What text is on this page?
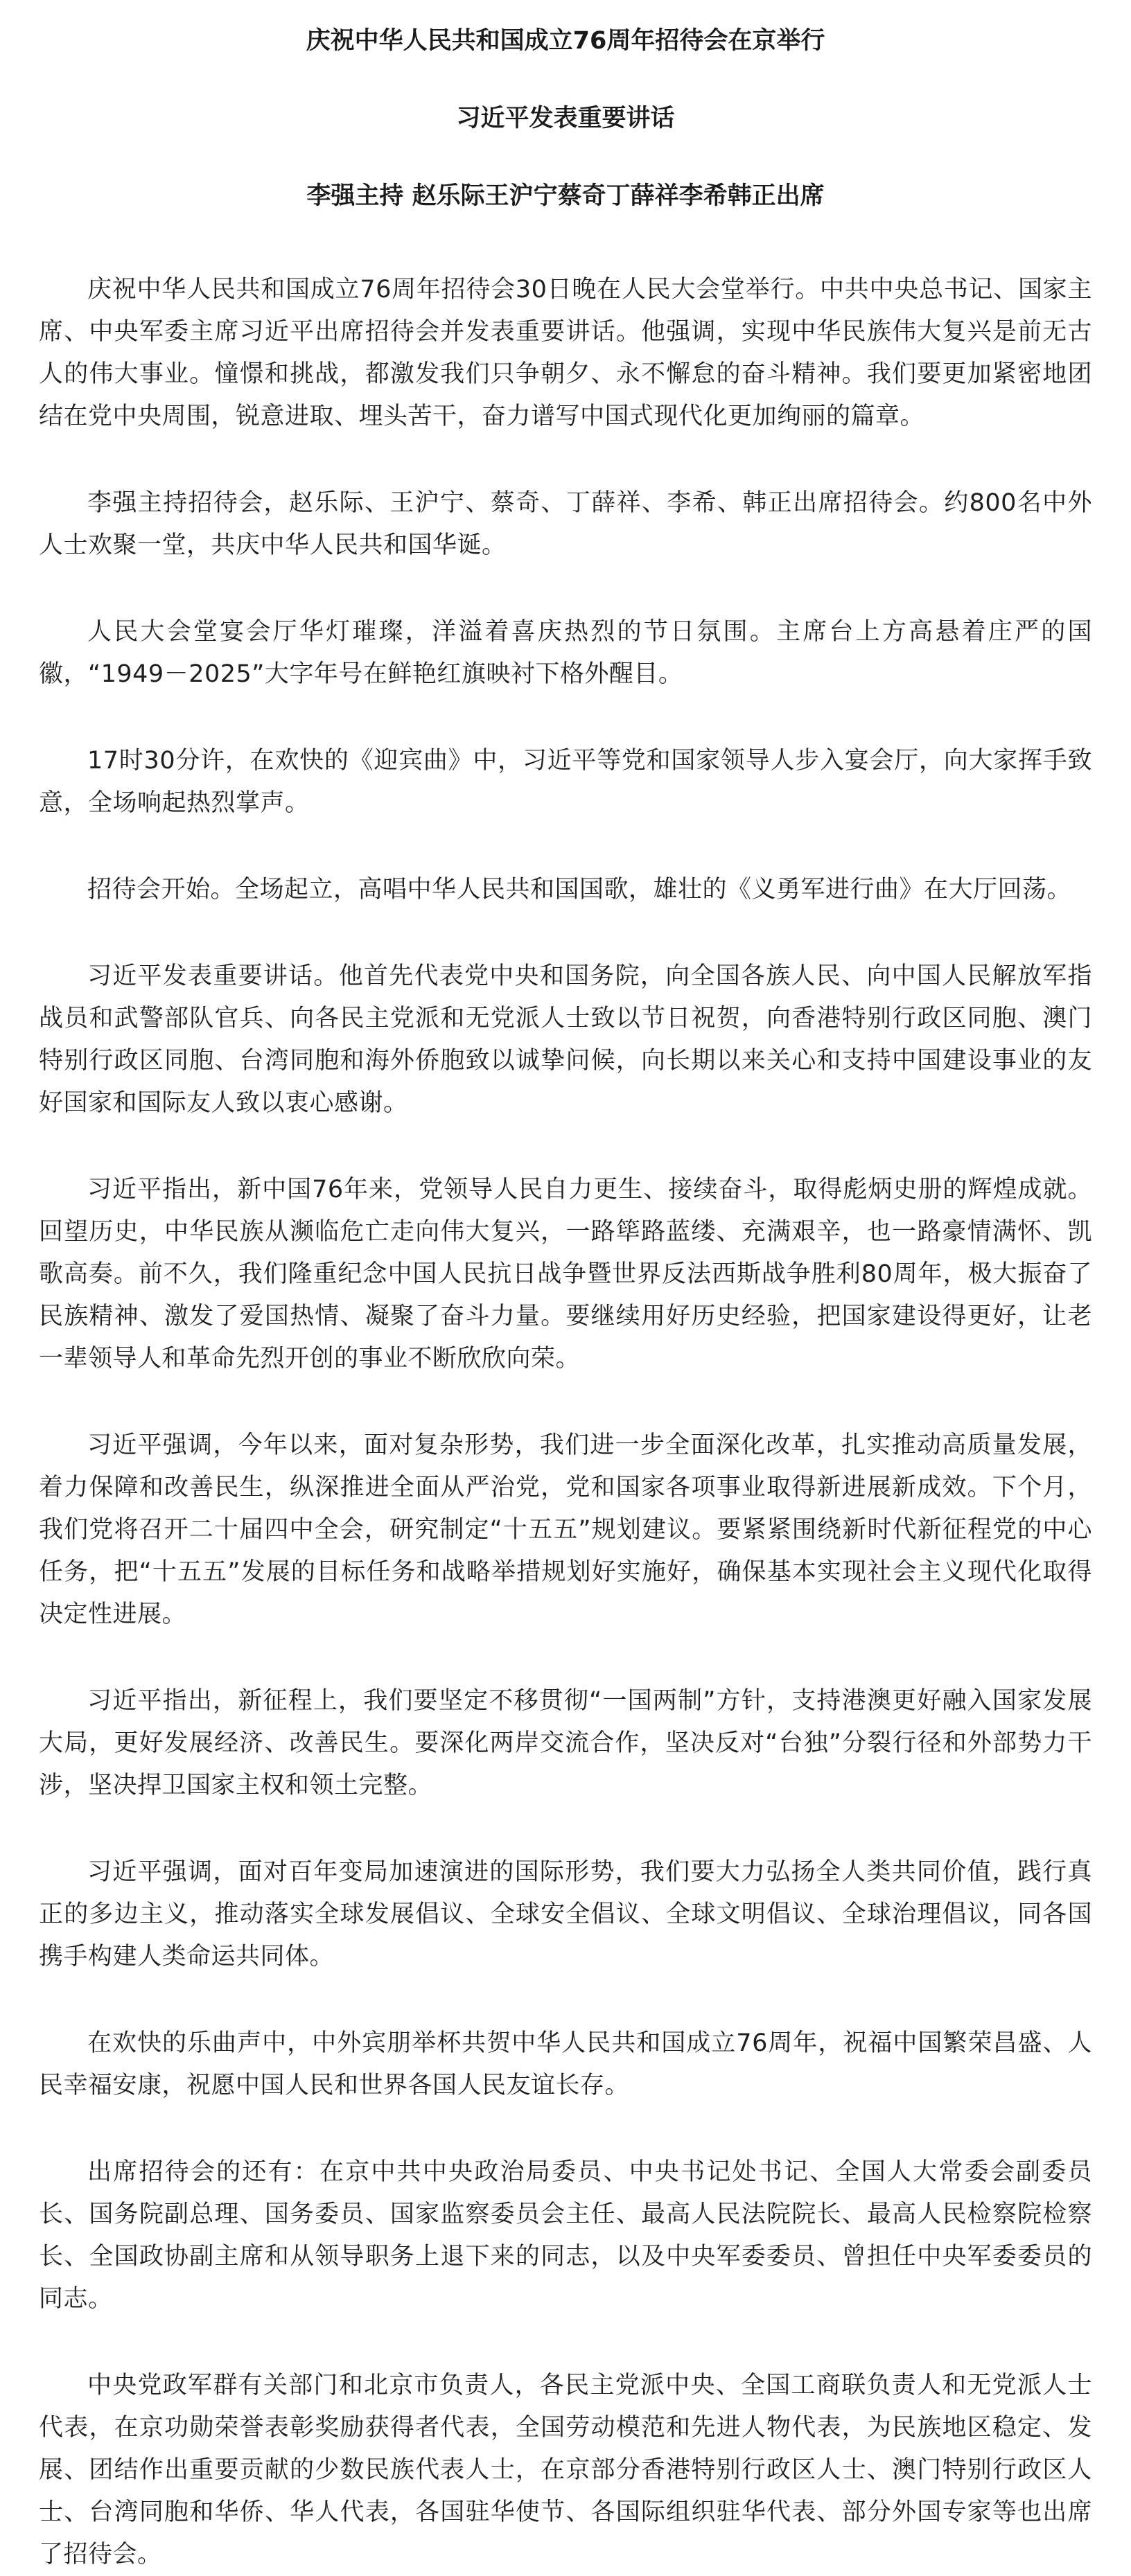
庆祝中华人民共和国成立76周年招待会在京举行
习近平发表重要讲话
李强主持 赵乐际王沪宁蔡奇丁薛祥李希韩正出席

庆祝中华人民共和国成立76周年招待会30日晚在人民大会堂举行。中共中央总书记、国家主席、中央军委主席习近平出席招待会并发表重要讲话。他强调，实现中华民族伟大复兴是前无古人的伟大事业。憧憬和挑战，都激发我们只争朝夕、永不懈怠的奋斗精神。我们要更加紧密地团结在党中央周围，锐意进取、埋头苦干，奋力谱写中国式现代化更加绚丽的篇章。

李强主持招待会，赵乐际、王沪宁、蔡奇、丁薛祥、李希、韩正出席招待会。约800名中外人士欢聚一堂，共庆中华人民共和国华诞。

人民大会堂宴会厅华灯璀璨，洋溢着喜庆热烈的节日氛围。主席台上方高悬着庄严的国徽，“1949－2025”大字年号在鲜艳红旗映衬下格外醒目。

17时30分许，在欢快的《迎宾曲》中，习近平等党和国家领导人步入宴会厅，向大家挥手致意，全场响起热烈掌声。

招待会开始。全场起立，高唱中华人民共和国国歌，雄壮的《义勇军进行曲》在大厅回荡。

习近平发表重要讲话。他首先代表党中央和国务院，向全国各族人民、向中国人民解放军指战员和武警部队官兵、向各民主党派和无党派人士致以节日祝贺，向香港特别行政区同胞、澳门特别行政区同胞、台湾同胞和海外侨胞致以诚挚问候，向长期以来关心和支持中国建设事业的友好国家和国际友人致以衷心感谢。

习近平指出，新中国76年来，党领导人民自力更生、接续奋斗，取得彪炳史册的辉煌成就。回望历史，中华民族从濒临危亡走向伟大复兴，一路筚路蓝缕、充满艰辛，也一路豪情满怀、凯歌高奏。前不久，我们隆重纪念中国人民抗日战争暨世界反法西斯战争胜利80周年，极大振奋了民族精神、激发了爱国热情、凝聚了奋斗力量。要继续用好历史经验，把国家建设得更好，让老一辈领导人和革命先烈开创的事业不断欣欣向荣。

习近平强调，今年以来，面对复杂形势，我们进一步全面深化改革，扎实推动高质量发展，着力保障和改善民生，纵深推进全面从严治党，党和国家各项事业取得新进展新成效。下个月，我们党将召开二十届四中全会，研究制定“十五五”规划建议。要紧紧围绕新时代新征程党的中心任务，把“十五五”发展的目标任务和战略举措规划好实施好，确保基本实现社会主义现代化取得决定性进展。

习近平指出，新征程上，我们要坚定不移贯彻“一国两制”方针，支持港澳更好融入国家发展大局，更好发展经济、改善民生。要深化两岸交流合作，坚决反对“台独”分裂行径和外部势力干涉，坚决捍卫国家主权和领土完整。

习近平强调，面对百年变局加速演进的国际形势，我们要大力弘扬全人类共同价值，践行真正的多边主义，推动落实全球发展倡议、全球安全倡议、全球文明倡议、全球治理倡议，同各国携手构建人类命运共同体。

在欢快的乐曲声中，中外宾朋举杯共贺中华人民共和国成立76周年，祝福中国繁荣昌盛、人民幸福安康，祝愿中国人民和世界各国人民友谊长存。

出席招待会的还有：在京中共中央政治局委员、中央书记处书记、全国人大常委会副委员长、国务院副总理、国务委员、国家监察委员会主任、最高人民法院院长、最高人民检察院检察长、全国政协副主席和从领导职务上退下来的同志，以及中央军委委员、曾担任中央军委委员的同志。

中央党政军群有关部门和北京市负责人，各民主党派中央、全国工商联负责人和无党派人士代表，在京功勋荣誉表彰奖励获得者代表，全国劳动模范和先进人物代表，为民族地区稳定、发展、团结作出重要贡献的少数民族代表人士，在京部分香港特别行政区人士、澳门特别行政区人士、台湾同胞和华侨、华人代表，各国驻华使节、各国际组织驻华代表、部分外国专家等也出席了招待会。
